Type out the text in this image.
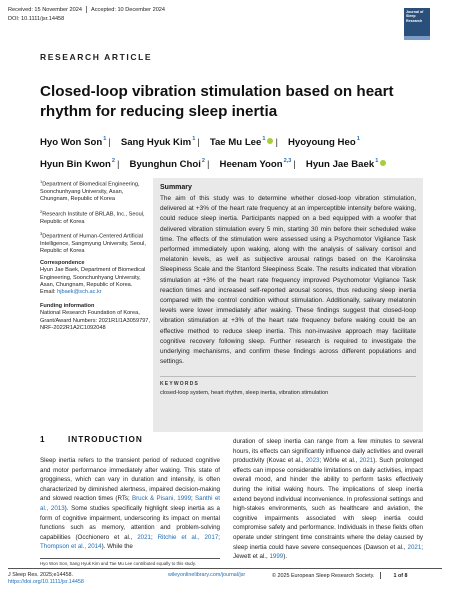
Received: 15 November 2024 Accepted: 10 December 2024
DOI: 10.1111/jsr.14458
Journal of Sleep Research
RESEARCH ARTICLE
Closed-loop vibration stimulation based on heart rhythm for reducing sleep inertia
Hyo Won Son$^1$ | Sang Hyuk Kim$^1$ | Tae Mu Lee$^1$ | Hyoyoung Heo$^1$
Hyun Bin Kwon$^2$ | Byunghun Choi$^2$ | Heenam Yoon$^{2,3}$ | Hyun Jae Baek$^1$
$^1$Department of Biomedical Engineering, Soonchunhyang University, Asan, Chungnam, Republic of Korea
$^2$Research Institute of BRLAB, Inc., Seoul, Republic of Korea
$^3$Department of Human-Centered Artificial Intelligence, Sangmyung University, Seoul, Republic of Korea
Correspondence
Hyun Jae Baek, Department of Biomedical Engineering, Soonchunhyang University, Asan, Chungnam, Republic of Korea.
Email: hjbaek@sch.ac.kr
Funding information
National Research Foundation of Korea, Grant/Award Numbers: 2021R1I1A3059797, NRF-2022R1A2C1092048
Summary
The aim of this study was to determine whether closed-loop vibration stimulation, delivered at +3% of the heart rate frequency at an imperceptible intensity before waking, could reduce sleep inertia. Participants napped on a bed equipped with a woofer that delivered vibration stimulation every 5 min, starting 30 min before their scheduled wake time. The effects of the stimulation were assessed using a Psychomotor Vigilance Task performed immediately upon waking, along with the analysis of salivary cortisol and melatonin levels, as well as subjective arousal ratings based on the Karolinska Sleepiness Scale and the Stanford Sleepiness Scale. The results indicated that vibration stimulation at +3% of the heart rate frequency improved Psychomotor Vigilance Task reaction times and increased self-reported arousal scores, thus reducing sleep inertia compared with the control condition without stimulation. Additionally, salivary melatonin levels were lower immediately after waking. These findings suggest that closed-loop vibration stimulation at +3% of the heart rate frequency before waking could be an effective method to reduce sleep inertia. This non-invasive approach may facilitate cognitive recovery following sleep. Further research is required to investigate the underlying mechanisms, and confirm these findings across different populations and settings.
KEYWORDS
closed-loop system, heart rhythm, sleep inertia, vibration stimulation
1	INTRODUCTION
Sleep inertia refers to the transient period of reduced cognitive and motor performance immediately after waking. This state of grogginess, which can vary in duration and intensity, is often characterized by diminished alertness, impaired decision-making and slowed reaction times (RTs; Bruck & Pisani, 1999; Santhi et al., 2013). Some studies specifically highlight sleep inertia as a form of cognitive impairment, underscoring its impact on mental functions such as memory, attention and problem-solving capabilities (Occhionero et al., 2021; Ritchie et al., 2017; Thompson et al., 2014). While the
duration of sleep inertia can range from a few minutes to several hours, its effects can significantly influence daily activities and overall productivity (Kovac et al., 2023; Wörle et al., 2021). Such prolonged effects can impose considerable limitations on daily activities, impact overall mood, and hinder the ability to perform tasks effectively during the initial waking hours. The implications of sleep inertia extend beyond individual inconvenience. In professional settings and high-stakes environments, such as healthcare and aviation, the cognitive impairments associated with sleep inertia could compromise safety and performance. Individuals in these fields often operate under stringent time constraints where the delay caused by sleep inertia could have severe consequences (Dawson et al., 2021; Jewett et al., 1999).
Hyo Won Son, Sang Hyuk Kim and Tae Mu Lee contributed equally to this study.
J Sleep Res. 2025;e14458.
https://doi.org/10.1111/jsr.14458
wileyonlinelibrary.com/journal/jsr	© 2025 European Sleep Research Society.	1 of 8
